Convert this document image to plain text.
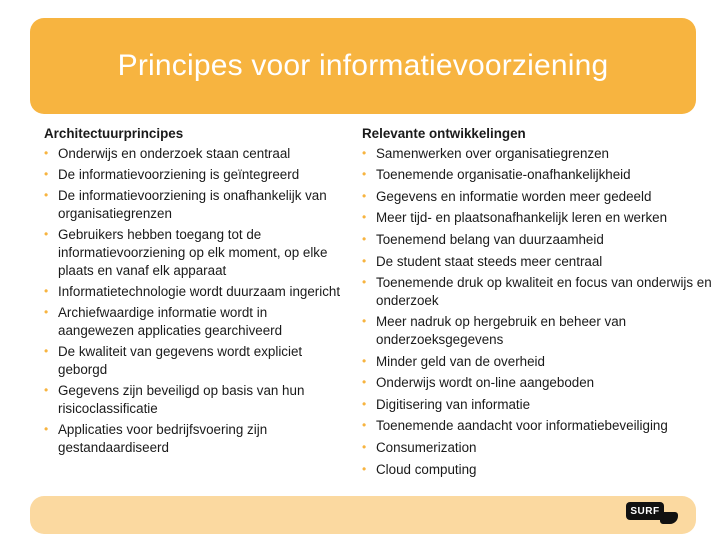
Principes voor informatievoorziening
Architectuurprincipes
• Onderwijs en onderzoek staan centraal
• De informatievoorziening is geïntegreerd
• De informatievoorziening is onafhankelijk van organisatiegrenzen
• Gebruikers hebben toegang tot de informatievoorziening op elk moment, op elke plaats en vanaf elk apparaat
• Informatietechnologie wordt duurzaam ingericht
• Archiefwaardige informatie wordt in aangewezen applicaties gearchiveerd
• De kwaliteit van gegevens wordt expliciet geborgd
• Gegevens zijn beveiligd op basis van hun risicoclassificatie
• Applicaties voor bedrijfsvoering zijn gestandaardiseerd
Relevante ontwikkelingen
• Samenwerken over organisatiegrenzen
• Toenemende organisatie-onafhankelijkheid
• Gegevens en informatie worden meer gedeeld
• Meer tijd- en plaatsonafhankelijk leren en werken
• Toenemend belang van duurzaamheid
• De student staat steeds meer centraal
• Toenemende druk op kwaliteit en focus van onderwijs en onderzoek
• Meer nadruk op hergebruik en beheer van onderzoeksgegevens
• Minder geld van de overheid
• Onderwijs wordt on-line aangeboden
• Digitisering van informatie
• Toenemende aandacht voor informatiebeveiliging
• Consumerization
• Cloud computing
SURF
